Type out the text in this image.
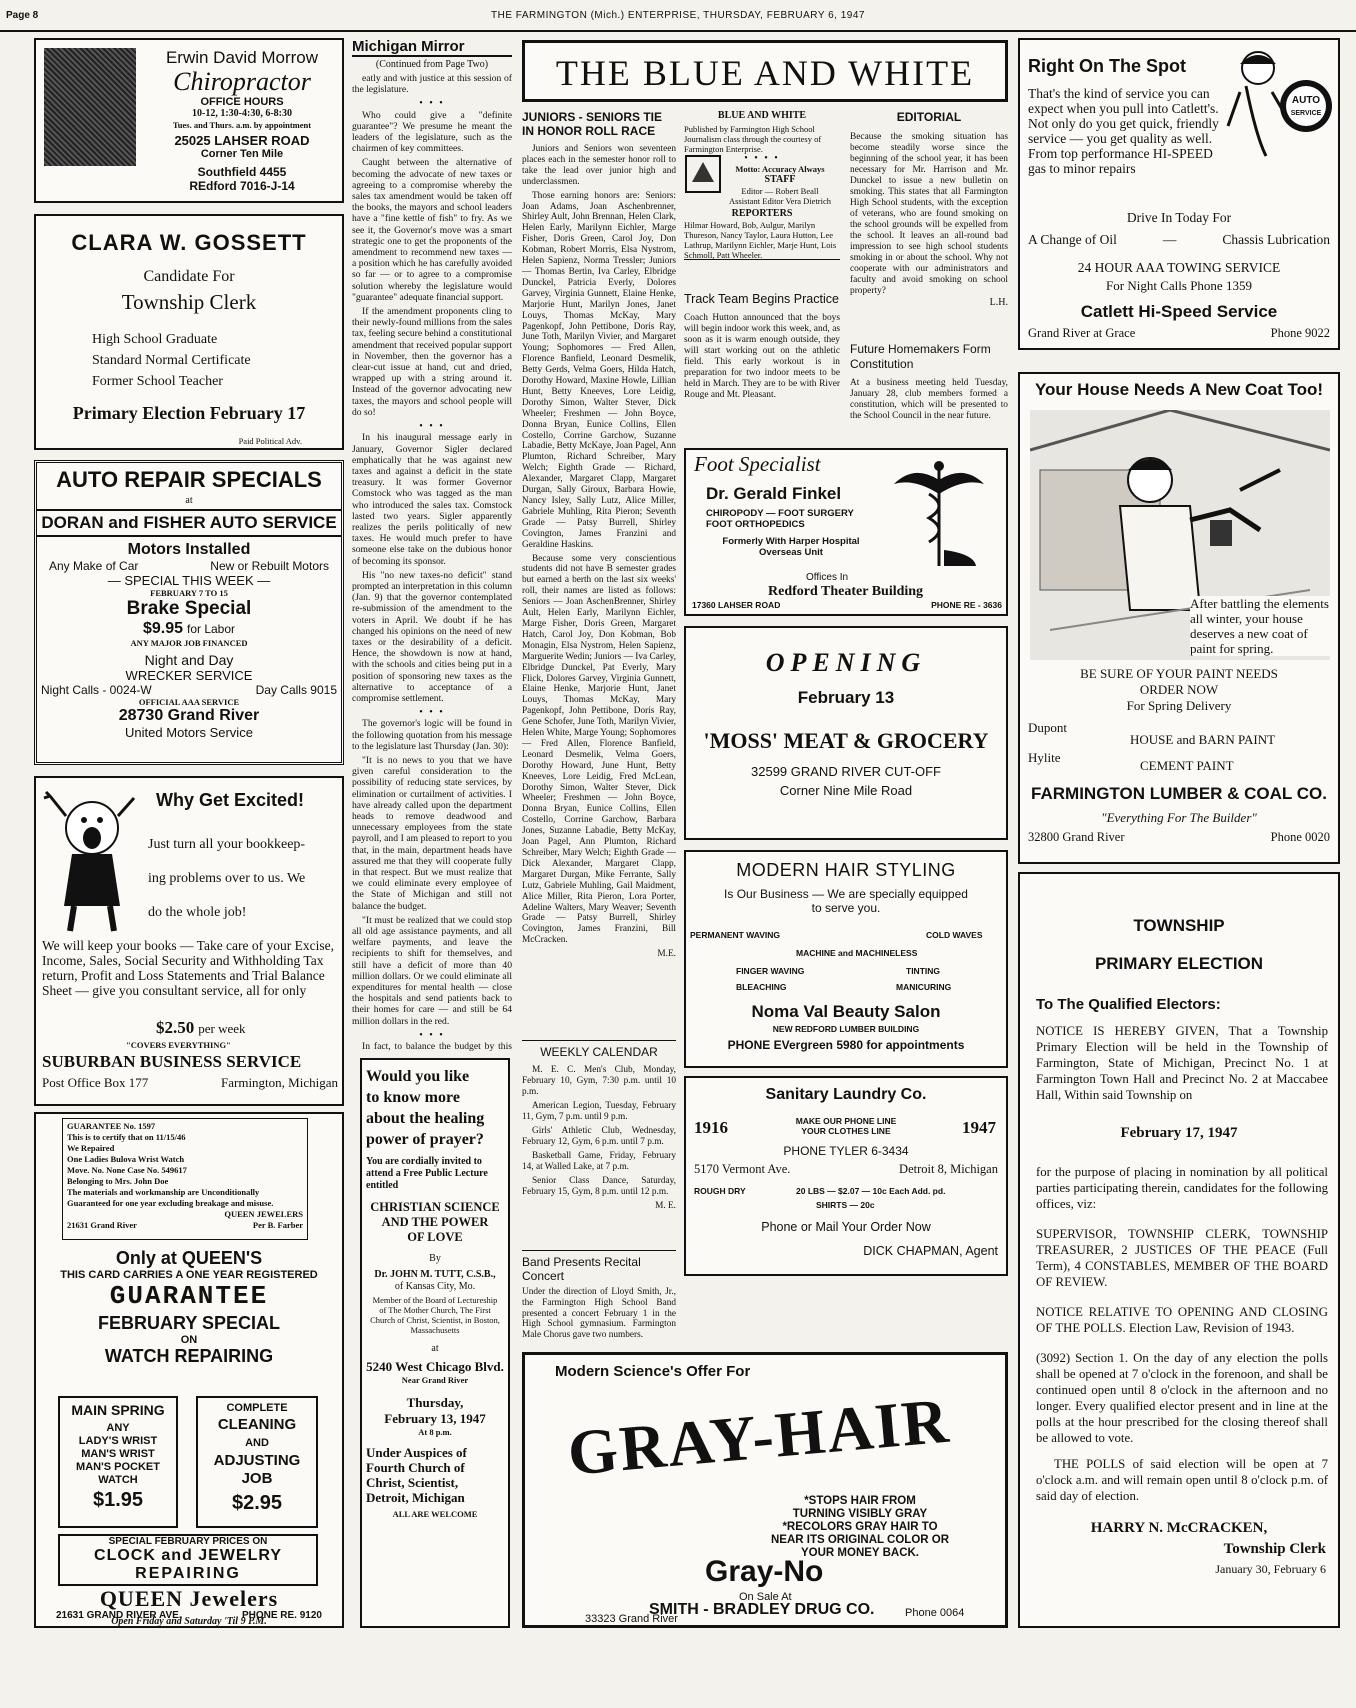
Page 8	THE FARMINGTON (Mich.) ENTERPRISE, THURSDAY, FEBRUARY 6, 1947
Erwin David Morrow
Chiropractor
OFFICE HOURS
10-12, 1:30-4:30, 6-8:30
Tues. and Thurs. a.m. by appointment
25025 LAHSER ROAD
Corner Ten Mile
Southfield 4455
REdford 7016-J-14
CLARA W. GOSSETT
Candidate For
Township Clerk
High School Graduate
Standard Normal Certificate
Former School Teacher
Primary Election February 17
Paid Political Adv.
AUTO REPAIR SPECIALS
at
DORAN and FISHER AUTO SERVICE
Motors Installed
Any Make of Car	New or Rebuilt Motors
— SPECIAL THIS WEEK —
FEBRUARY 7 TO 15
Brake Special
$9.95 for Labor
ANY MAJOR JOB FINANCED
Night and Day
WRECKER SERVICE
Night Calls - 0024-W	Day Calls 9015
OFFICIAL AAA SERVICE
28730 Grand River
United Motors Service
Why Get Excited!
Just turn all your bookkeep-
ing problems over to us. We
do the whole job!
We will keep your books — Take care of your Excise, Income, Sales, Social Security and Withholding Tax return, Profit and Loss Statements and Trial Balance Sheet — give you consultant service, all for only
$2.50 per week
"COVERS EVERYTHING"
SUBURBAN BUSINESS SERVICE
Post Office Box 177	Farmington, Michigan
GUARANTEE No. 1597
This is to certify that on 11/15/46
We Repaired
One Ladies Bulova Wrist Watch
Move. No. None Case No. 549617
Belonging to Mrs. John Doe
The materials and workmanship are Unconditionally Guaranteed for one year excluding breakage and misuse.
QUEEN JEWELERS
21631 Grand River	Per B. Farber
Only at QUEEN'S
THIS CARD CARRIES A ONE YEAR REGISTERED
GUARANTEE
FEBRUARY SPECIAL
ON
WATCH REPAIRING
MAIN SPRING
ANY
LADY'S WRIST
MAN'S WRIST
MAN'S POCKET
WATCH
$1.95
COMPLETE
CLEANING
AND
ADJUSTING
JOB
$2.95
SPECIAL FEBRUARY PRICES ON
CLOCK and JEWELRY
REPAIRING
QUEEN Jewelers
21631 GRAND RIVER AVE.	PHONE RE. 9120
Open Friday and Saturday 'Til 9 P.M.
Michigan Mirror
(Continued from Page Two)

eatly and with justice at this session of the legislature.

• • •

Who could give a "definite guarantee"? We presume he meant the leaders of the legislature, such as the chairmen of key committees.

Caught between the alternative of becoming the advocate of new taxes or agreeing to a compromise whereby the sales tax amendment would be taken off the books, the mayors and school leaders have a "fine kettle of fish" to fry. As we see it, the Governor's move was a smart strategic one to get the proponents of the amendment to recommend new taxes — a position which he has carefully avoided so far — or to agree to a compromise solution whereby the legislature would "guarantee" adequate financial support.

If the amendment proponents cling to their newly-found millions from the sales tax, feeling secure behind a constitutional amendment that received popular support in November, then the governor has a clear-cut issue at hand, cut and dried, wrapped up with a string around it. Instead of the governor advocating new taxes, the mayors and school people will do so!

• • •

In his inaugural message early in January, Governor Sigler declared emphatically that he was against new taxes and against a deficit in the state treasury. It was former Governor Comstock who was tagged as the man who introduced the sales tax. Comstock lasted two years. Sigler apparently realizes the perils politically of new taxes. He would much prefer to have someone else take on the dubious honor of becoming its sponsor.

His "no new taxes-no deficit" stand prompted an interpretation in this column (Jan. 9) that the governor contemplated re-submission of the amendment to the voters in April. We doubt if he has changed his opinions on the need of new taxes or the desirability of a deficit. Hence, the showdown is now at hand, with the schools and cities being put in a position of sponsoring new taxes as the alternative to acceptance of a compromise settlement.

• • •

The governor's logic will be found in the following quotation from his message to the legislature last Thursday (Jan. 30):

"It is no news to you that we have given careful consideration to the possibility of reducing state services, by elimination or curtailment of activities. I have already called upon the department heads to remove deadwood and unnecessary employees from the state payroll, and I am pleased to report to you that, in the main, department heads have assured me that they will cooperate fully in that respect. But we must realize that we could eliminate every employee of the State of Michigan and still not balance the budget.

"It must be realized that we could stop all old age assistance payments, and all welfare payments, and leave the recipients to shift for themselves, and still have a deficit of more than 40 million dollars. Or we could eliminate all expenditures for mental health — close the hospitals and send patients back to their homes for care — and still be 64 million dollars in the red.

• • •

In fact, to balance the budget by this

Would you like
to know more
about the healing
power of prayer?
You are cordially invited to attend a Free Public Lecture entitled
CHRISTIAN SCIENCE
AND THE POWER
OF LOVE
By
Dr. JOHN M. TUTT, C.S.B.,
of Kansas City, Mo.
Member of the Board of Lectureship of The Mother Church, The First Church of Christ, Scientist, in Boston, Massachusetts
at
5240 West Chicago Blvd.
Near Grand River
Thursday,
February 13, 1947
At 8 p.m.
Under Auspices of
Fourth Church of
Christ, Scientist,
Detroit, Michigan
ALL ARE WELCOME
THE BLUE AND WHITE
JUNIORS - SENIORS TIE IN HONOR ROLL RACE

Juniors and Seniors won seventeen places each in the semester honor roll to take the lead over junior high and underclassmen.

Those earning honors are: Seniors: Joan Adams, Joan Aschenbrenner, Shirley Ault, John Brennan, Helen Clark, Helen Early, Marilynn Eichler, Marge Fisher, Doris Green, Carol Joy, Don Kobman, Robert Morris, Elsa Nystrom, Helen Sapienz, Norma Tressler; Juniors — Thomas Bertin, Iva Carley, Elbridge Dunckel, Patricia Everly, Dolores Garvey, Virginia Gunnett, Elaine Henke, Marjorie Hunt, Marilyn Jones, Janet Louys, Thomas McKay, Mary Pagenkopf, John Pettibone, Doris Ray, June Toth, Marilyn Vivier, and Margaret Young; Sophomores — Fred Allen, Florence Banfield, Leonard Desmelik, Betty Gerds, Velma Goers, Hilda Hatch, Dorothy Howard, Maxine Howle, Lillian Hunt, Betty Kneeves, Lore Leidig, Dorothy Simon, Walter Stever, Dick Wheeler; Freshmen — John Boyce, Donna Bryan, Eunice Collins, Ellen Costello, Corrine Garchow, Suzanne Labadie, Betty McKaye, Joan Pagel, Ann Plumton, Richard Schreiber, Mary Welch; Eighth Grade — Richard, Alexander, Margaret Clapp, Margaret Durgan, Sally Giroux, Barbara Howie, Nancy Isley, Sally Lutz, Alice Miller, Gabriele Muhling, Rita Pieron; Seventh Grade — Patsy Burrell, Shirley Covington, James Franzini and Geraldine Haskins.

Because some very conscientious students did not have B semester grades but earned a berth on the last six weeks' roll, their names are listed as follows: Seniors — Joan AschenBrenner, Shirley Ault, Helen Early, Marilynn Eichler, Marge Fisher, Doris Green, Margaret Hatch, Carol Joy, Don Kobman, Bob Monagin, Elsa Nystrom, Helen Sapienz, Marguerite Wedin; Juniors — Iva Carley, Elbridge Dunckel, Pat Everly, Mary Flick, Dolores Garvey, Virginia Gunnett, Elaine Henke, Marjorie Hunt, Janet Louys, Thomas McKay, Mary Pagenkopf, John Pettibone, Doris Ray, Gene Schofer, June Toth, Marilyn Vivier, Helen White, Marge Young; Sophomores — Fred Allen, Florence Banfield, Leonard Desmelik, Velma Goers, Dorothy Howard, June Hunt, Betty Kneeves, Lore Leidig, Fred McLean, Dorothy Simon, Walter Stever, Dick Wheeler; Freshmen — John Boyce, Donna Bryan, Eunice Collins, Ellen Costello, Corrine Garchow, Barbara Jones, Suzanne Labadie, Betty McKay, Joan Pagel, Ann Plumton, Richard Schreiber, Mary Welch; Eighth Grade — Dick Alexander, Margaret Clapp, Margaret Durgan, Mike Ferrante, Sally Lutz, Gabriele Muhling, Gail Maidment, Alice Miller, Rita Pieron, Lora Porter, Adeline Walters, Mary Weaver; Seventh Grade — Patsy Burrell, Shirley Covington, James Franzini, Bill McCracken.

M.E.
BLUE AND WHITE
Published by Farmington High School Journalism class through the courtesy of Farmington Enterprise.
• • • •
Motto: Accuracy Always
STAFF
Editor — Robert Beall
Assistant Editor Vera Dietrich
REPORTERS
Hilmar Howard, Bob, Aulgur, Marilyn Thureson, Nancy Taylor, Laura Hutton, Lee Lathrup, Marilynn Eichler, Marje Hunt, Lois Schmoll, Patt Wheeler.
Track Team Begins Practice
Coach Hutton announced that the boys will begin indoor work this week, and, as soon as it is warm enough outside, they will start working out on the athletic field. This early workout is in preparation for two indoor meets to be held in March. They are to be with River Rouge and Mt. Pleasant.
EDITORIAL
Because the smoking situation has become steadily worse since the beginning of the school year, it has been necessary for Mr. Harrison and Mr. Dunckel to issue a new bulletin on smoking. This states that all Farmington High School students, with the exception of veterans, who are found smoking on the school grounds will be expelled from the school. It leaves an all-round bad impression to see high school students smoking in or about the school. Why not cooperate with our administrators and faculty and avoid smoking on school property?
L.H.
Future Homemakers Form Constitution
At a business meeting held Tuesday, January 28, club members formed a constitution, which will be presented to the School Council in the near future.
Foot Specialist
Dr. Gerald Finkel
CHIROPODY — FOOT SURGERY
FOOT ORTHOPEDICS
Formerly With Harper Hospital
Overseas Unit
Offices In
Redford Theater Building
17360 LAHSER ROAD	PHONE RE - 3636
WEEKLY CALENDAR

M. E. C. Men's Club, Monday, February 10, Gym, 7:30 p.m. until 10 p.m.

American Legion, Tuesday, February 11, Gym, 7 p.m. until 9 p.m.

Girls' Athletic Club, Wednesday, February 12, Gym, 6 p.m. until 7 p.m.

Basketball Game, Friday, February 14, at Walled Lake, at 7 p.m.

Senior Class Dance, Saturday, February 15, Gym, 8 p.m. until 12 p.m.

M. E.
Band Presents Recital Concert
Under the direction of Lloyd Smith, Jr., the Farmington High School Band presented a concert February 1 in the High School gymnasium. Farmington Male Chorus gave two numbers.
OPENING
February 13
'MOSS' MEAT & GROCERY
32599 GRAND RIVER CUT-OFF
Corner Nine Mile Road
MODERN HAIR STYLING
Is Our Business — We are specially equipped
to serve you.
PERMANENT WAVING	COLD WAVES
MACHINE and MACHINELESS
FINGER WAVING	TINTING
BLEACHING	MANICURING
Noma Val Beauty Salon
NEW REDFORD LUMBER BUILDING
PHONE EVergreen 5980 for appointments
Sanitary Laundry Co.
1916	1947
MAKE OUR PHONE LINE
YOUR CLOTHES LINE
PHONE TYLER 6-3434
5170 Vermont Ave.	Detroit 8, Michigan
ROUGH DRY	20 LBS — $2.07 — 10c Each Add. pd.
SHIRTS — 20c
Phone or Mail Your Order Now
DICK CHAPMAN, Agent
Modern Science's Offer For
GRAY-HAIR
*STOPS HAIR FROM
TURNING VISIBLY GRAY
*RECOLORS GRAY HAIR TO
NEAR ITS ORIGINAL COLOR OR
YOUR MONEY BACK.
Gray-No
On Sale At
SMITH - BRADLEY DRUG CO.
33323 Grand River	Phone 0064
Right On The Spot
AUTO
SERVICE
That's the kind of service you can expect when you pull into Catlett's. Not only do you get quick, friendly service — you get quality as well. From top performance HI-SPEED gas to minor repairs
Drive In Today For
A Change of Oil	—	Chassis Lubrication
24 HOUR AAA TOWING SERVICE
For Night Calls Phone 1359
Catlett Hi-Speed Service
Grand River at Grace	Phone 9022
Your House Needs A New Coat Too!
After battling the elements all winter, your house deserves a new coat of paint for spring.
BE SURE OF YOUR PAINT NEEDS
ORDER NOW
For Spring Delivery
Dupont
HOUSE and BARN PAINT
Hylite
CEMENT PAINT
FARMINGTON LUMBER & COAL CO.
"Everything For The Builder"
32800 Grand River	Phone 0020
TOWNSHIP
PRIMARY ELECTION
To The Qualified Electors:
NOTICE IS HEREBY GIVEN, That a Township Primary Election will be held in the Township of Farmington, State of Michigan, Precinct No. 1 at Farmington Town Hall and Precinct No. 2 at Maccabee Hall, Within said Township on
February 17, 1947
for the purpose of placing in nomination by all political parties participating therein, candidates for the following offices, viz:
SUPERVISOR, TOWNSHIP CLERK, TOWNSHIP TREASURER, 2 JUSTICES OF THE PEACE (Full Term), 4 CONSTABLES, MEMBER OF THE BOARD OF REVIEW.
NOTICE RELATIVE TO OPENING AND CLOSING OF THE POLLS. Election Law, Revision of 1943.
(3092) Section 1. On the day of any election the polls shall be opened at 7 o'clock in the forenoon, and shall be continued open until 8 o'clock in the afternoon and no longer. Every qualified elector present and in line at the polls at the hour prescribed for the closing thereof shall be allowed to vote.
THE POLLS of said election will be open at 7 o'clock a.m. and will remain open until 8 o'clock p.m. of said day of election.
HARRY N. McCRACKEN,
Township Clerk
January 30, February 6
